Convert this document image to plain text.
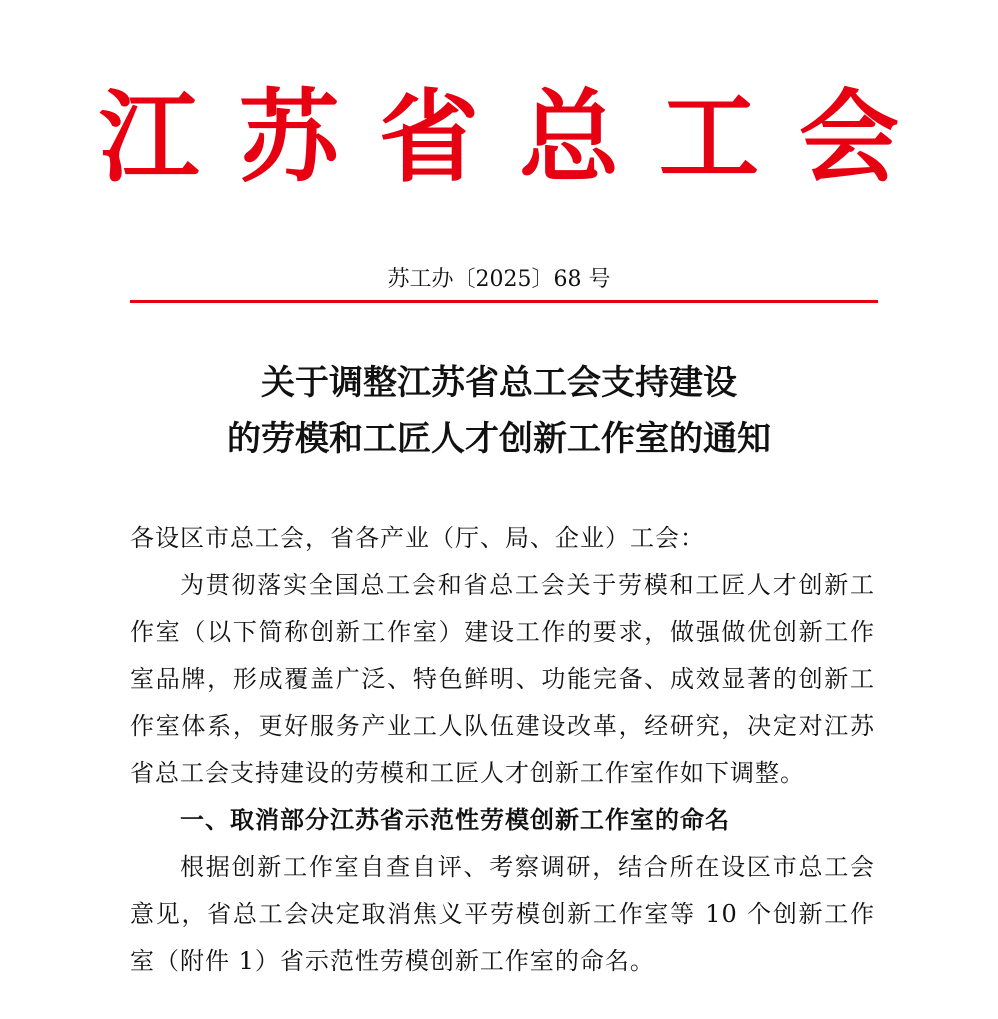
江苏省总工会
苏工办〔2025〕68 号
关于调整江苏省总工会支持建设
的劳模和工匠人才创新工作室的通知

各设区市总工会，省各产业（厅、局、企业）工会：

为贯彻落实全国总工会和省总工会关于劳模和工匠人才创新工作室（以下简称创新工作室）建设工作的要求，做强做优创新工作室品牌，形成覆盖广泛、特色鲜明、功能完备、成效显著的创新工作室体系，更好服务产业工人队伍建设改革，经研究，决定对江苏省总工会支持建设的劳模和工匠人才创新工作室作如下调整。

一、取消部分江苏省示范性劳模创新工作室的命名

根据创新工作室自查自评、考察调研，结合所在设区市总工会意见，省总工会决定取消焦义平劳模创新工作室等 10 个创新工作室（附件 1）省示范性劳模创新工作室的命名。
